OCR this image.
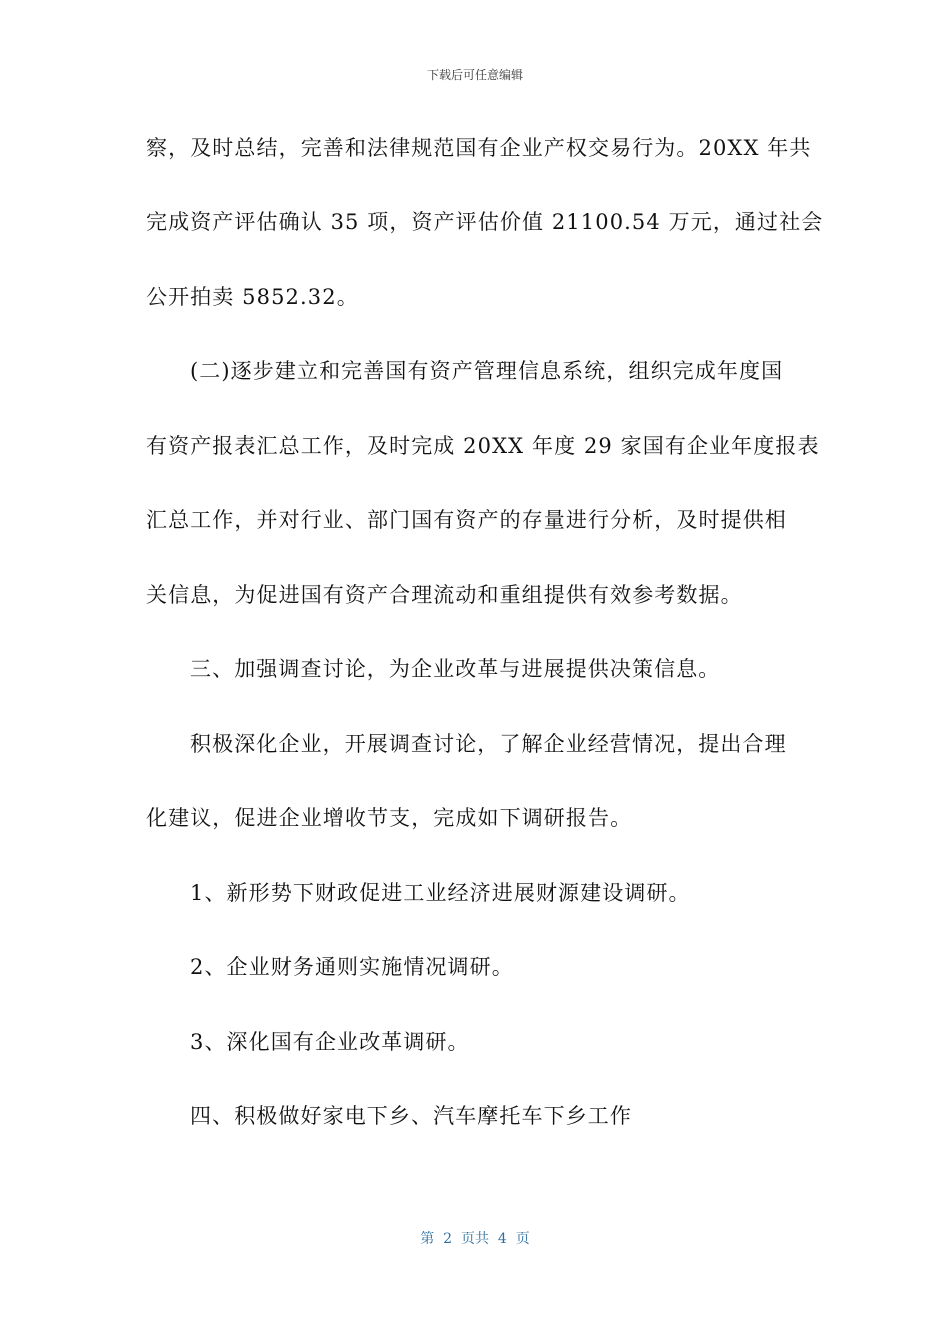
下载后可任意编辑
察，及时总结，完善和法律规范国有企业产权交易行为。20XX 年共
完成资产评估确认 35 项，资产评估价值 21100.54 万元，通过社会
公开拍卖 5852.32。
(二)逐步建立和完善国有资产管理信息系统，组织完成年度国
有资产报表汇总工作，及时完成 20XX 年度 29 家国有企业年度报表
汇总工作，并对行业、部门国有资产的存量进行分析，及时提供相
关信息，为促进国有资产合理流动和重组提供有效参考数据。
三、加强调查讨论，为企业改革与进展提供决策信息。
积极深化企业，开展调查讨论，了解企业经营情况，提出合理
化建议，促进企业增收节支，完成如下调研报告。
1、新形势下财政促进工业经济进展财源建设调研。
2、企业财务通则实施情况调研。
3、深化国有企业改革调研。
四、积极做好家电下乡、汽车摩托车下乡工作
第  2  页共  4  页
